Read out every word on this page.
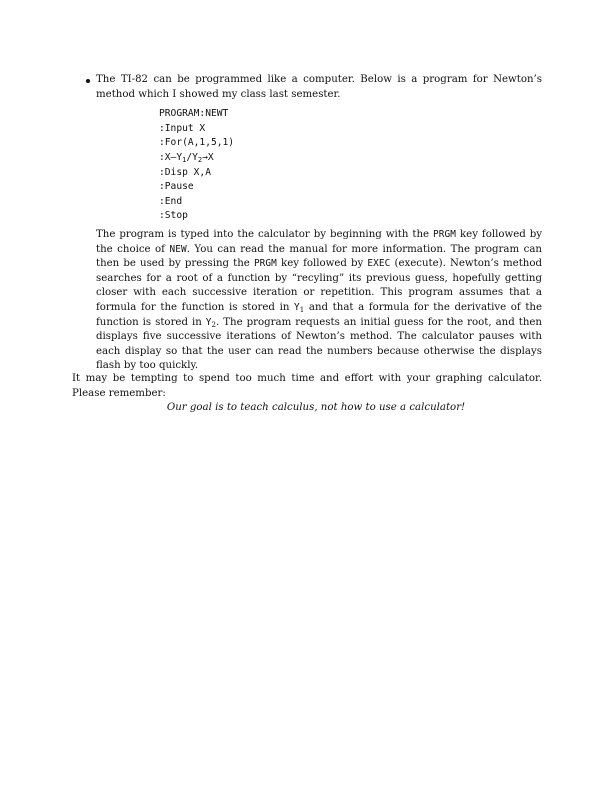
The TI-82 can be programmed like a computer. Below is a program for Newton’s method which I showed my class last semester.

PROGRAM:NEWT
:Input X
:For(A,1,5,1)
$:X-Y_1/Y_2\to X$
:Disp X,A
:Pause
:End
:Stop

The program is typed into the calculator by beginning with the PRGM key followed by the choice of NEW. You can read the manual for more information. The program can then be used by pressing the PRGM key followed by EXEC (execute). Newton’s method searches for a root of a function by “recyling” its previous guess, hopefully getting closer with each successive iteration or repetition. This program assumes that a formula for the function is stored in $Y_1$ and that a formula for the derivative of the function is stored in $Y_2$. The program requests an initial guess for the root, and then displays five successive iterations of Newton’s method. The calculator pauses with each display so that the user can read the numbers because otherwise the displays flash by too quickly.

It may be tempting to spend too much time and effort with your graphing calculator. Please remember:

Our goal is to teach calculus, not how to use a calculator!
